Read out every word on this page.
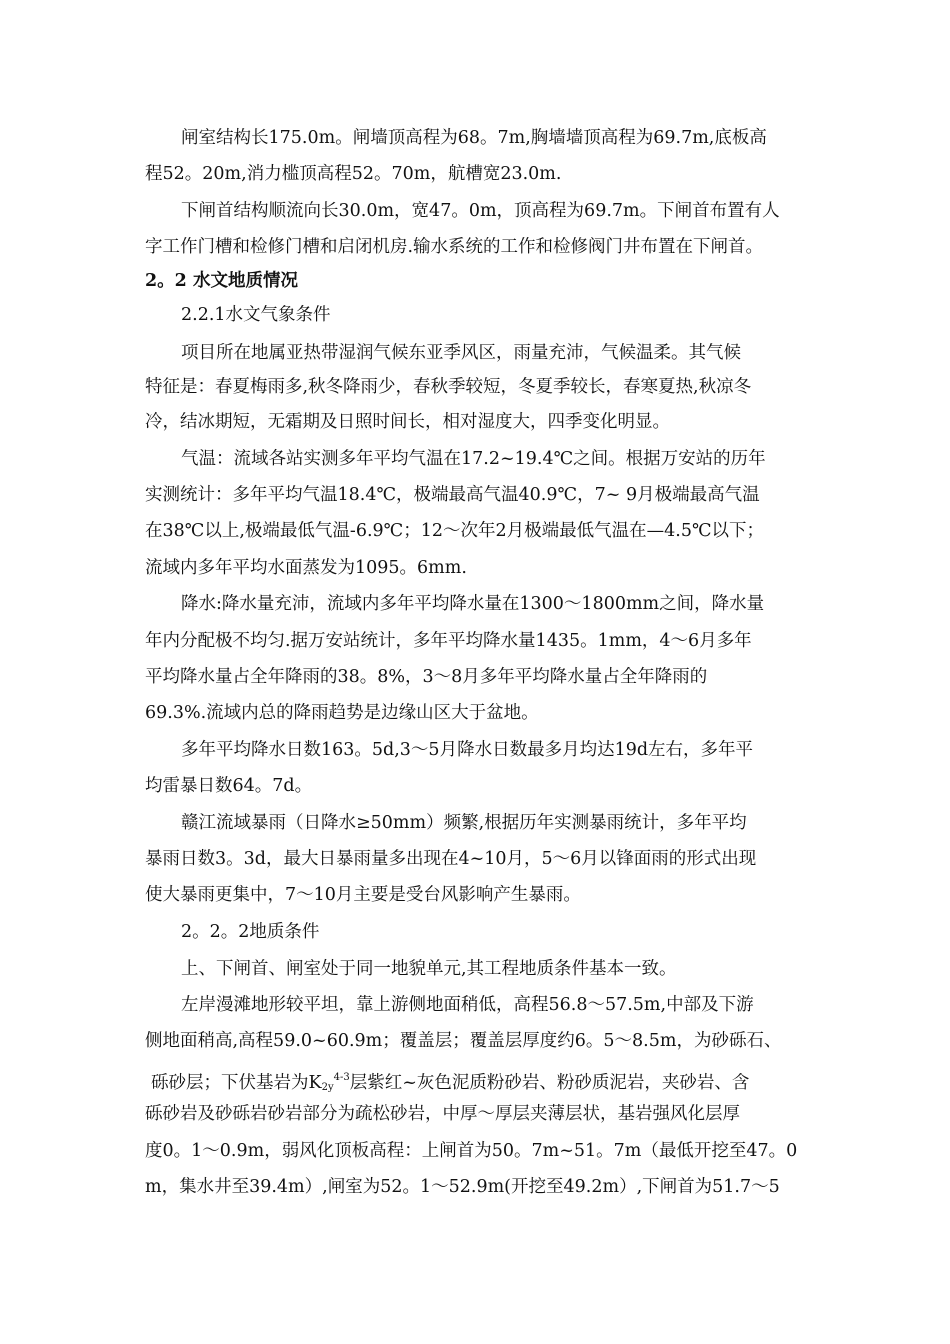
闸室结构长175.0m。闸墙顶高程为68。7m,胸墙墙顶高程为69.7m,底板高
程52。20m,消力槛顶高程52。70m，航槽宽23.0m.
下闸首结构顺流向长30.0m，宽47。0m，顶高程为69.7m。下闸首布置有人
字工作门槽和检修门槽和启闭机房.输水系统的工作和检修阀门井布置在下闸首。
2。2 水文地质情况
2.2.1水文气象条件
项目所在地属亚热带湿润气候东亚季风区，雨量充沛，气候温柔。其气候
特征是：春夏梅雨多,秋冬降雨少，春秋季较短，冬夏季较长，春寒夏热,秋凉冬
冷，结冰期短，无霜期及日照时间长，相对湿度大，四季变化明显。
气温：流域各站实测多年平均气温在17.2~19.4℃之间。根据万安站的历年
实测统计：多年平均气温18.4℃，极端最高气温40.9℃，7~ 9月极端最高气温
在38℃以上,极端最低气温-6.9℃；12～次年2月极端最低气温在—4.5℃以下；
流域内多年平均水面蒸发为1095。6mm.
降水:降水量充沛，流域内多年平均降水量在1300～1800mm之间，降水量
年内分配极不均匀.据万安站统计，多年平均降水量1435。1mm，4～6月多年
平均降水量占全年降雨的38。8%，3～8月多年平均降水量占全年降雨的
69.3%.流域内总的降雨趋势是边缘山区大于盆地。
多年平均降水日数163。5d,3～5月降水日数最多月均达19d左右，多年平
均雷暴日数64。7d。
赣江流域暴雨（日降水≥50mm）频繁,根据历年实测暴雨统计，多年平均
暴雨日数3。3d，最大日暴雨量多出现在4~10月，5～6月以锋面雨的形式出现
使大暴雨更集中，7～10月主要是受台风影响产生暴雨。
2。2。2地质条件
上、下闸首、闸室处于同一地貌单元,其工程地质条件基本一致。
左岸漫滩地形较平坦，靠上游侧地面稍低，高程56.8～57.5m,中部及下游
侧地面稍高,高程59.0~60.9m；覆盖层；覆盖层厚度约6。5～8.5m，为砂砾石、
砾砂层；下伏基岩为$K2y^{4-3}$层紫红~灰色泥质粉砂岩、粉砂质泥岩，夹砂岩、含
砾砂岩及砂砾岩砂岩部分为疏松砂岩，中厚～厚层夹薄层状，基岩强风化层厚
度0。1～0.9m，弱风化顶板高程：上闸首为50。7m~51。7m（最低开挖至47。0
m，集水井至39.4m）,闸室为52。1～52.9m(开挖至49.2m）,下闸首为51.7～5
